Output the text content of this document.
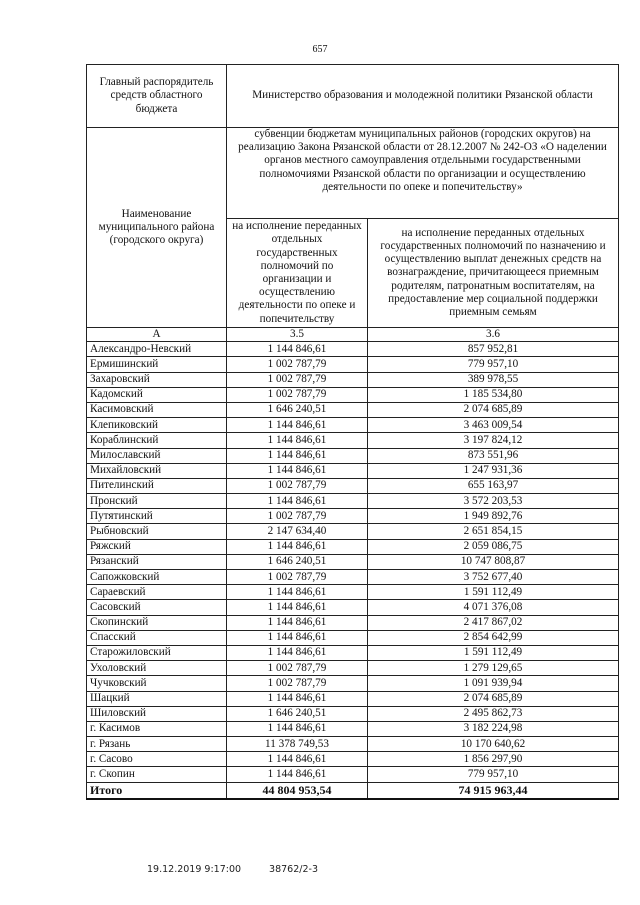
657
Главный распорядитель средств областного бюджета	Министерство образования и молодежной политики Рязанской области	
Наименование муниципального района (городского округа)	субвенции бюджетам муниципальных районов (городских округов) на реализацию Закона Рязанской области от 28.12.2007 № 242-ОЗ «О наделении органов местного самоуправления отдельными государственными полномочиями Рязанской области по организации и осуществлению деятельности по опеке и попечительству»	
	на исполнение переданных отдельных государственных полномочий по организации и осуществлению деятельности по опеке и попечительству	на исполнение переданных отдельных государственных полномочий по назначению и осуществлению выплат денежных средств на вознаграждение, причитающееся приемным родителям, патронатным воспитателям, на предоставление мер социальной поддержки приемным семьям
А	3.5	3.6
Александро-Невский	1 144 846,61	857 952,81
Ермишинский	1 002 787,79	779 957,10
Захаровский	1 002 787,79	389 978,55
Кадомский	1 002 787,79	1 185 534,80
Касимовский	1 646 240,51	2 074 685,89
Клепиковский	1 144 846,61	3 463 009,54
Кораблинский	1 144 846,61	3 197 824,12
Милославский	1 144 846,61	873 551,96
Михайловский	1 144 846,61	1 247 931,36
Пителинский	1 002 787,79	655 163,97
Пронский	1 144 846,61	3 572 203,53
Путятинский	1 002 787,79	1 949 892,76
Рыбновский	2 147 634,40	2 651 854,15
Ряжский	1 144 846,61	2 059 086,75
Рязанский	1 646 240,51	10 747 808,87
Сапожковский	1 002 787,79	3 752 677,40
Сараевский	1 144 846,61	1 591 112,49
Сасовский	1 144 846,61	4 071 376,08
Скопинский	1 144 846,61	2 417 867,02
Спасский	1 144 846,61	2 854 642,99
Старожиловский	1 144 846,61	1 591 112,49
Ухоловский	1 002 787,79	1 279 129,65
Чучковский	1 002 787,79	1 091 939,94
Шацкий	1 144 846,61	2 074 685,89
Шиловский	1 646 240,51	2 495 862,73
г. Касимов	1 144 846,61	3 182 224,98
г. Рязань	11 378 749,53	10 170 640,62
г. Сасово	1 144 846,61	1 856 297,90
г. Скопин	1 144 846,61	779 957,10
Итого	44 804 953,54	74 915 963,44
19.12.2019 9:17:00	38762/2-3
